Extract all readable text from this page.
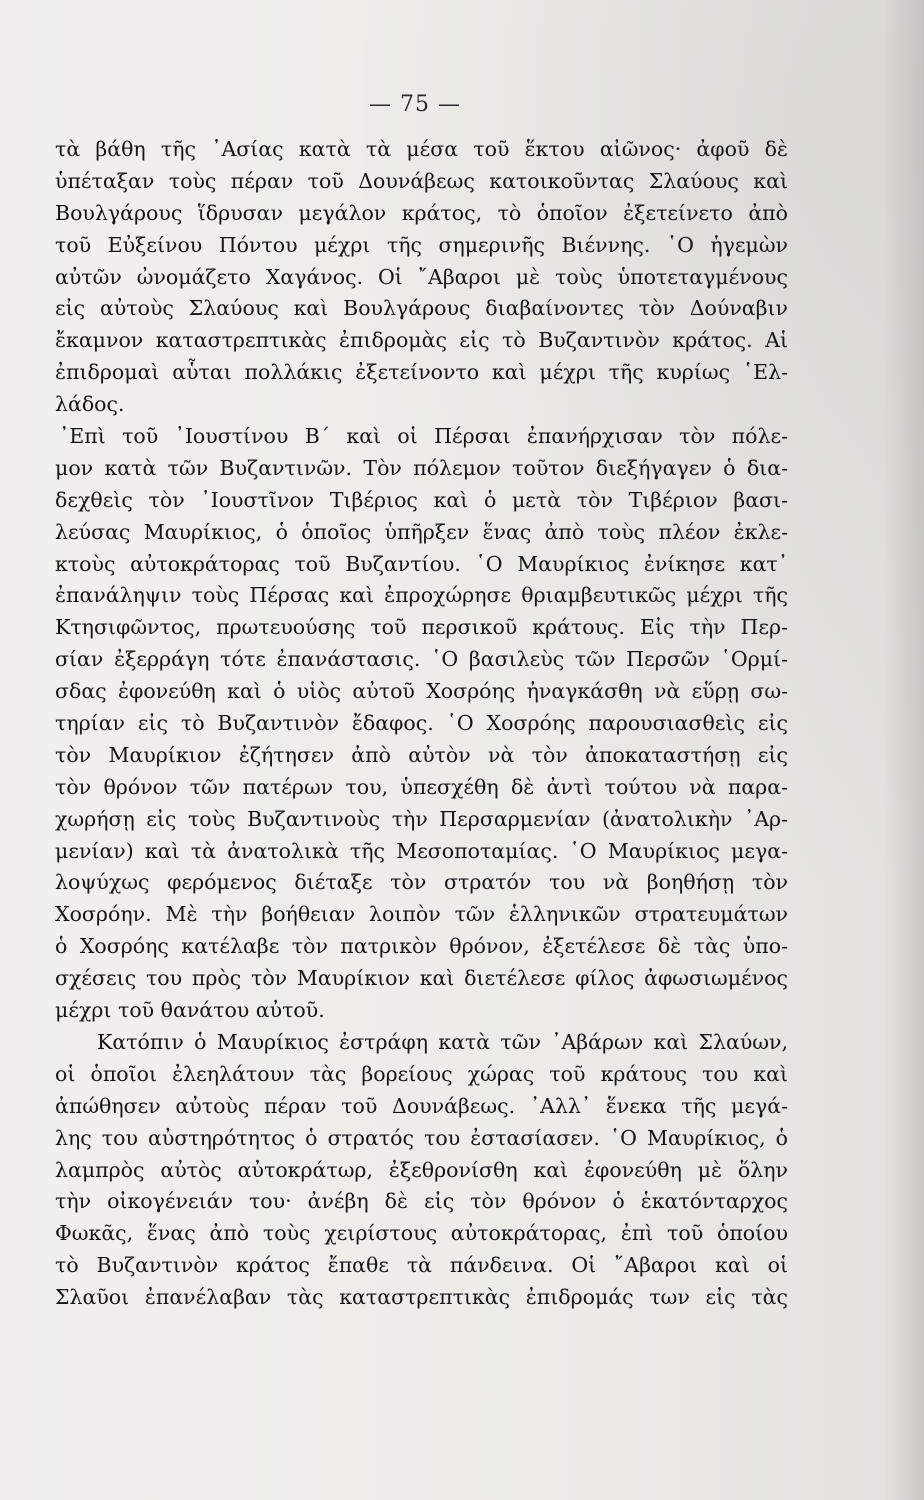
— 75 —
τὰ βάθη τῆς ᾿Ασίας κατὰ τὰ μέσα τοῦ ἕκτου αἰῶνος· ἀφοῦ δὲ
ὑπέταξαν τοὺς πέραν τοῦ Δουνάβεως κατοικοῦντας Σλαύους καὶ
Βουλγάρους ἵδρυσαν μεγάλον κράτος, τὸ ὁποῖον ἐξετείνετο ἀπὸ
τοῦ Εὐξείνου Πόντου μέχρι τῆς σημερινῆς Βιέννης. ῾Ο ἡγεμὼν
αὐτῶν ὠνομάζετο Χαγάνος. Οἱ ῎Αβαροι μὲ τοὺς ὑποτεταγμένους
εἰς αὐτοὺς Σλαύους καὶ Βουλγάρους διαβαίνοντες τὸν Δούναβιν
ἔκαμνον καταστρεπτικὰς ἐπιδρομὰς εἰς τὸ Βυζαντινὸν κράτος. Αἱ
ἐπιδρομαὶ αὗται πολλάκις ἐξετείνοντο καὶ μέχρι τῆς κυρίως ῾Ελ-
λάδος.
᾿Επὶ τοῦ ᾿Ιουστίνου Β΄ καὶ οἱ Πέρσαι ἐπανήρχισαν τὸν πόλε-
μον κατὰ τῶν Βυζαντινῶν. Τὸν πόλεμον τοῦτον διεξήγαγεν ὁ δια-
δεχθεὶς τὸν ᾿Ιουστῖνον Τιβέριος καὶ ὁ μετὰ τὸν Τιβέριον βασι-
λεύσας Μαυρίκιος, ὁ ὁποῖος ὑπῆρξεν ἕνας ἀπὸ τοὺς πλέον ἐκλε-
κτοὺς αὐτοκράτορας τοῦ Βυζαντίου. ῾Ο Μαυρίκιος ἐνίκησε κατ᾿
ἐπανάληψιν τοὺς Πέρσας καὶ ἐπροχώρησε θριαμβευτικῶς μέχρι τῆς
Κτησιφῶντος, πρωτευούσης τοῦ περσικοῦ κράτους. Εἰς τὴν Περ-
σίαν ἐξερράγη τότε ἐπανάστασις. ῾Ο βασιλεὺς τῶν Περσῶν ῾Ορμί-
σδας ἐφονεύθη καὶ ὁ υἱὸς αὐτοῦ Χοσρόης ἠναγκάσθη νὰ εὕρῃ σω-
τηρίαν εἰς τὸ Βυζαντινὸν ἔδαφος. ῾Ο Χοσρόης παρουσιασθεὶς εἰς
τὸν Μαυρίκιον ἐζήτησεν ἀπὸ αὐτὸν νὰ τὸν ἀποκαταστήσῃ εἰς
τὸν θρόνον τῶν πατέρων του, ὑπεσχέθη δὲ ἀντὶ τούτου νὰ παρα-
χωρήσῃ εἰς τοὺς Βυζαντινοὺς τὴν Περσαρμενίαν (ἀνατολικὴν ᾿Αρ-
μενίαν) καὶ τὰ ἀνατολικὰ τῆς Μεσοποταμίας. ῾Ο Μαυρίκιος μεγα-
λοψύχως φερόμενος διέταξε τὸν στρατόν του νὰ βοηθήσῃ τὸν
Χοσρόην. Μὲ τὴν βοήθειαν λοιπὸν τῶν ἑλληνικῶν στρατευμάτων
ὁ Χοσρόης κατέλαβε τὸν πατρικὸν θρόνον, ἐξετέλεσε δὲ τὰς ὑπο-
σχέσεις του πρὸς τὸν Μαυρίκιον καὶ διετέλεσε φίλος ἀφωσιωμένος
μέχρι τοῦ θανάτου αὐτοῦ.
Κατόπιν ὁ Μαυρίκιος ἐστράφη κατὰ τῶν ᾿Αβάρων καὶ Σλαύων,
οἱ ὁποῖοι ἐλεηλάτουν τὰς βορείους χώρας τοῦ κράτους του καὶ
ἀπώθησεν αὐτοὺς πέραν τοῦ Δουνάβεως. ᾿Αλλ᾿ ἕνεκα τῆς μεγά-
λης του αὐστηρότητος ὁ στρατός του ἐστασίασεν. ῾Ο Μαυρίκιος, ὁ
λαμπρὸς αὐτὸς αὐτοκράτωρ, ἐξεθρονίσθη καὶ ἐφονεύθη μὲ ὅλην
τὴν οἰκογένειάν του· ἀνέβη δὲ εἰς τὸν θρόνον ὁ ἑκατόνταρχος
Φωκᾶς, ἕνας ἀπὸ τοὺς χειρίστους αὐτοκράτορας, ἐπὶ τοῦ ὁποίου
τὸ Βυζαντινὸν κράτος ἔπαθε τὰ πάνδεινα. Οἱ ῎Αβαροι καὶ οἱ
Σλαῦοι ἐπανέλαβαν τὰς καταστρεπτικὰς ἐπιδρομάς των εἰς τὰς
